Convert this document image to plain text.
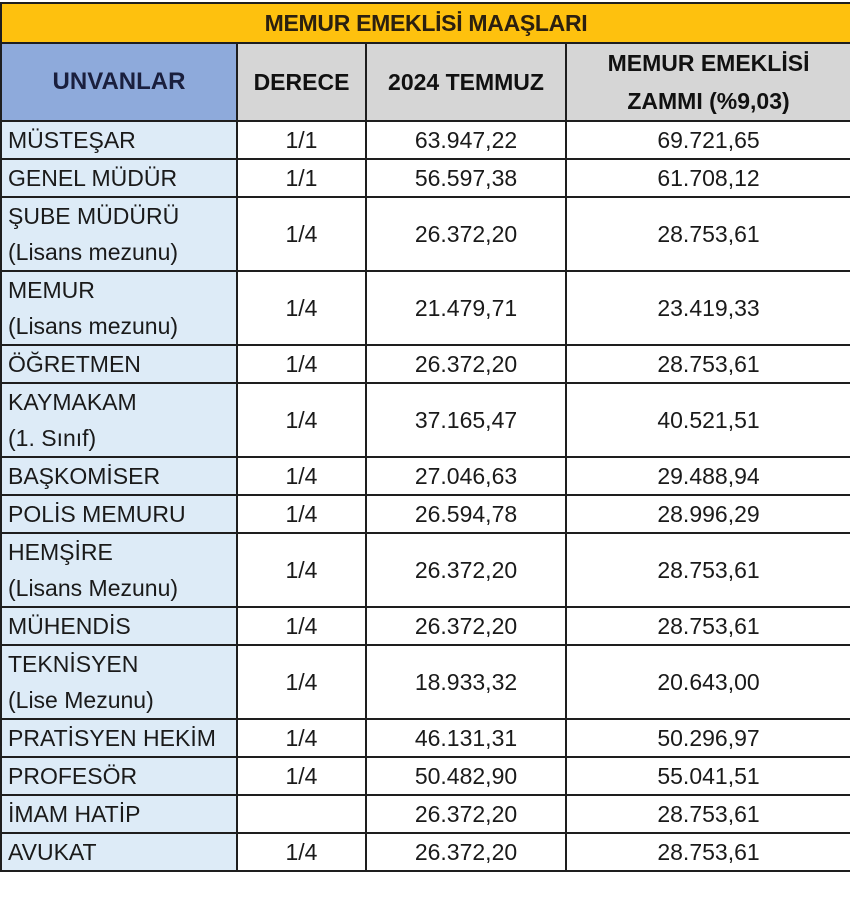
MEMUR EMEKLİSİ MAAŞLARI			
UNVANLAR	DERECE	2024 TEMMUZ	MEMUR EMEKLİSİ
ZAMMI (%9,03)

MÜSTEŞAR	1/1	63.947,22	69.721,65

GENEL MÜDÜR	1/1	56.597,38	61.708,12

ŞUBE MÜDÜRÜ
(Lisans mezunu)	1/4	26.372,20	28.753,61

MEMUR
(Lisans mezunu)	1/4	21.479,71	23.419,33

ÖĞRETMEN	1/4	26.372,20	28.753,61

KAYMAKAM
(1. Sınıf)	1/4	37.165,47	40.521,51

BAŞKOMİSER	1/4	27.046,63	29.488,94

POLİS MEMURU	1/4	26.594,78	28.996,29

HEMŞİRE
(Lisans Mezunu)	1/4	26.372,20	28.753,61

MÜHENDİS	1/4	26.372,20	28.753,61

TEKNİSYEN
(Lise Mezunu)	1/4	18.933,32	20.643,00

PRATİSYEN HEKİM	1/4	46.131,31	50.296,97

PROFESÖR	1/4	50.482,90	55.041,51

İMAM HATİP		26.372,20	28.753,61

AVUKAT	1/4	26.372,20	28.753,61
